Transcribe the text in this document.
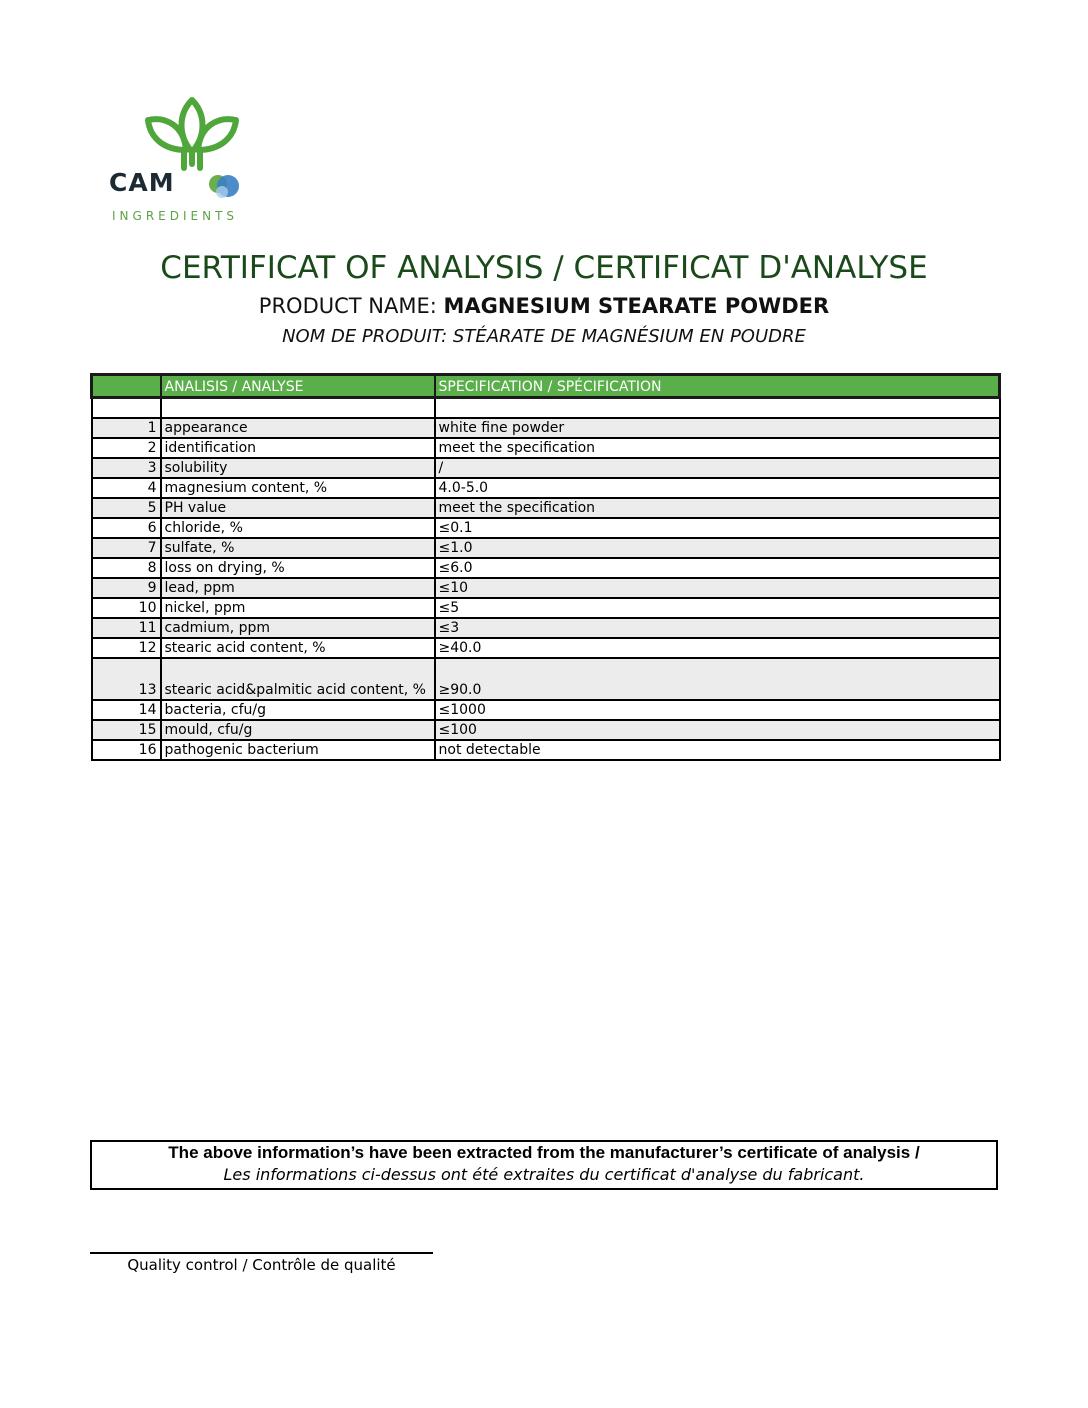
CAM
INGREDIENTS
CERTIFICAT OF ANALYSIS / CERTIFICAT D'ANALYSE
PRODUCT NAME: MAGNESIUM STEARATE POWDER
NOM DE PRODUIT: STÉARATE DE MAGNÉSIUM EN POUDRE
	ANALISIS / ANALYSE	SPECIFICATION / SPÉCIFICATION

1	appearance	white fine powder
2	identification	meet the specification
3	solubility	/
4	magnesium content, %	4.0-5.0
5	PH value	meet the specification
6	chloride, %	≤0.1
7	sulfate, %	≤1.0
8	loss on drying, %	≤6.0
9	lead, ppm	≤10
10	nickel, ppm	≤5
11	cadmium, ppm	≤3
12	stearic acid content, %	≥40.0
13	stearic acid&palmitic acid content, %	≥90.0
14	bacteria, cfu/g	≤1000
15	mould, cfu/g	≤100
16	pathogenic bacterium	not detectable
The above information’s have been extracted from the manufacturer’s certificate of analysis /
Les informations ci-dessus ont été extraites du certificat d'analyse du fabricant.
Quality control / Contrôle de qualité
